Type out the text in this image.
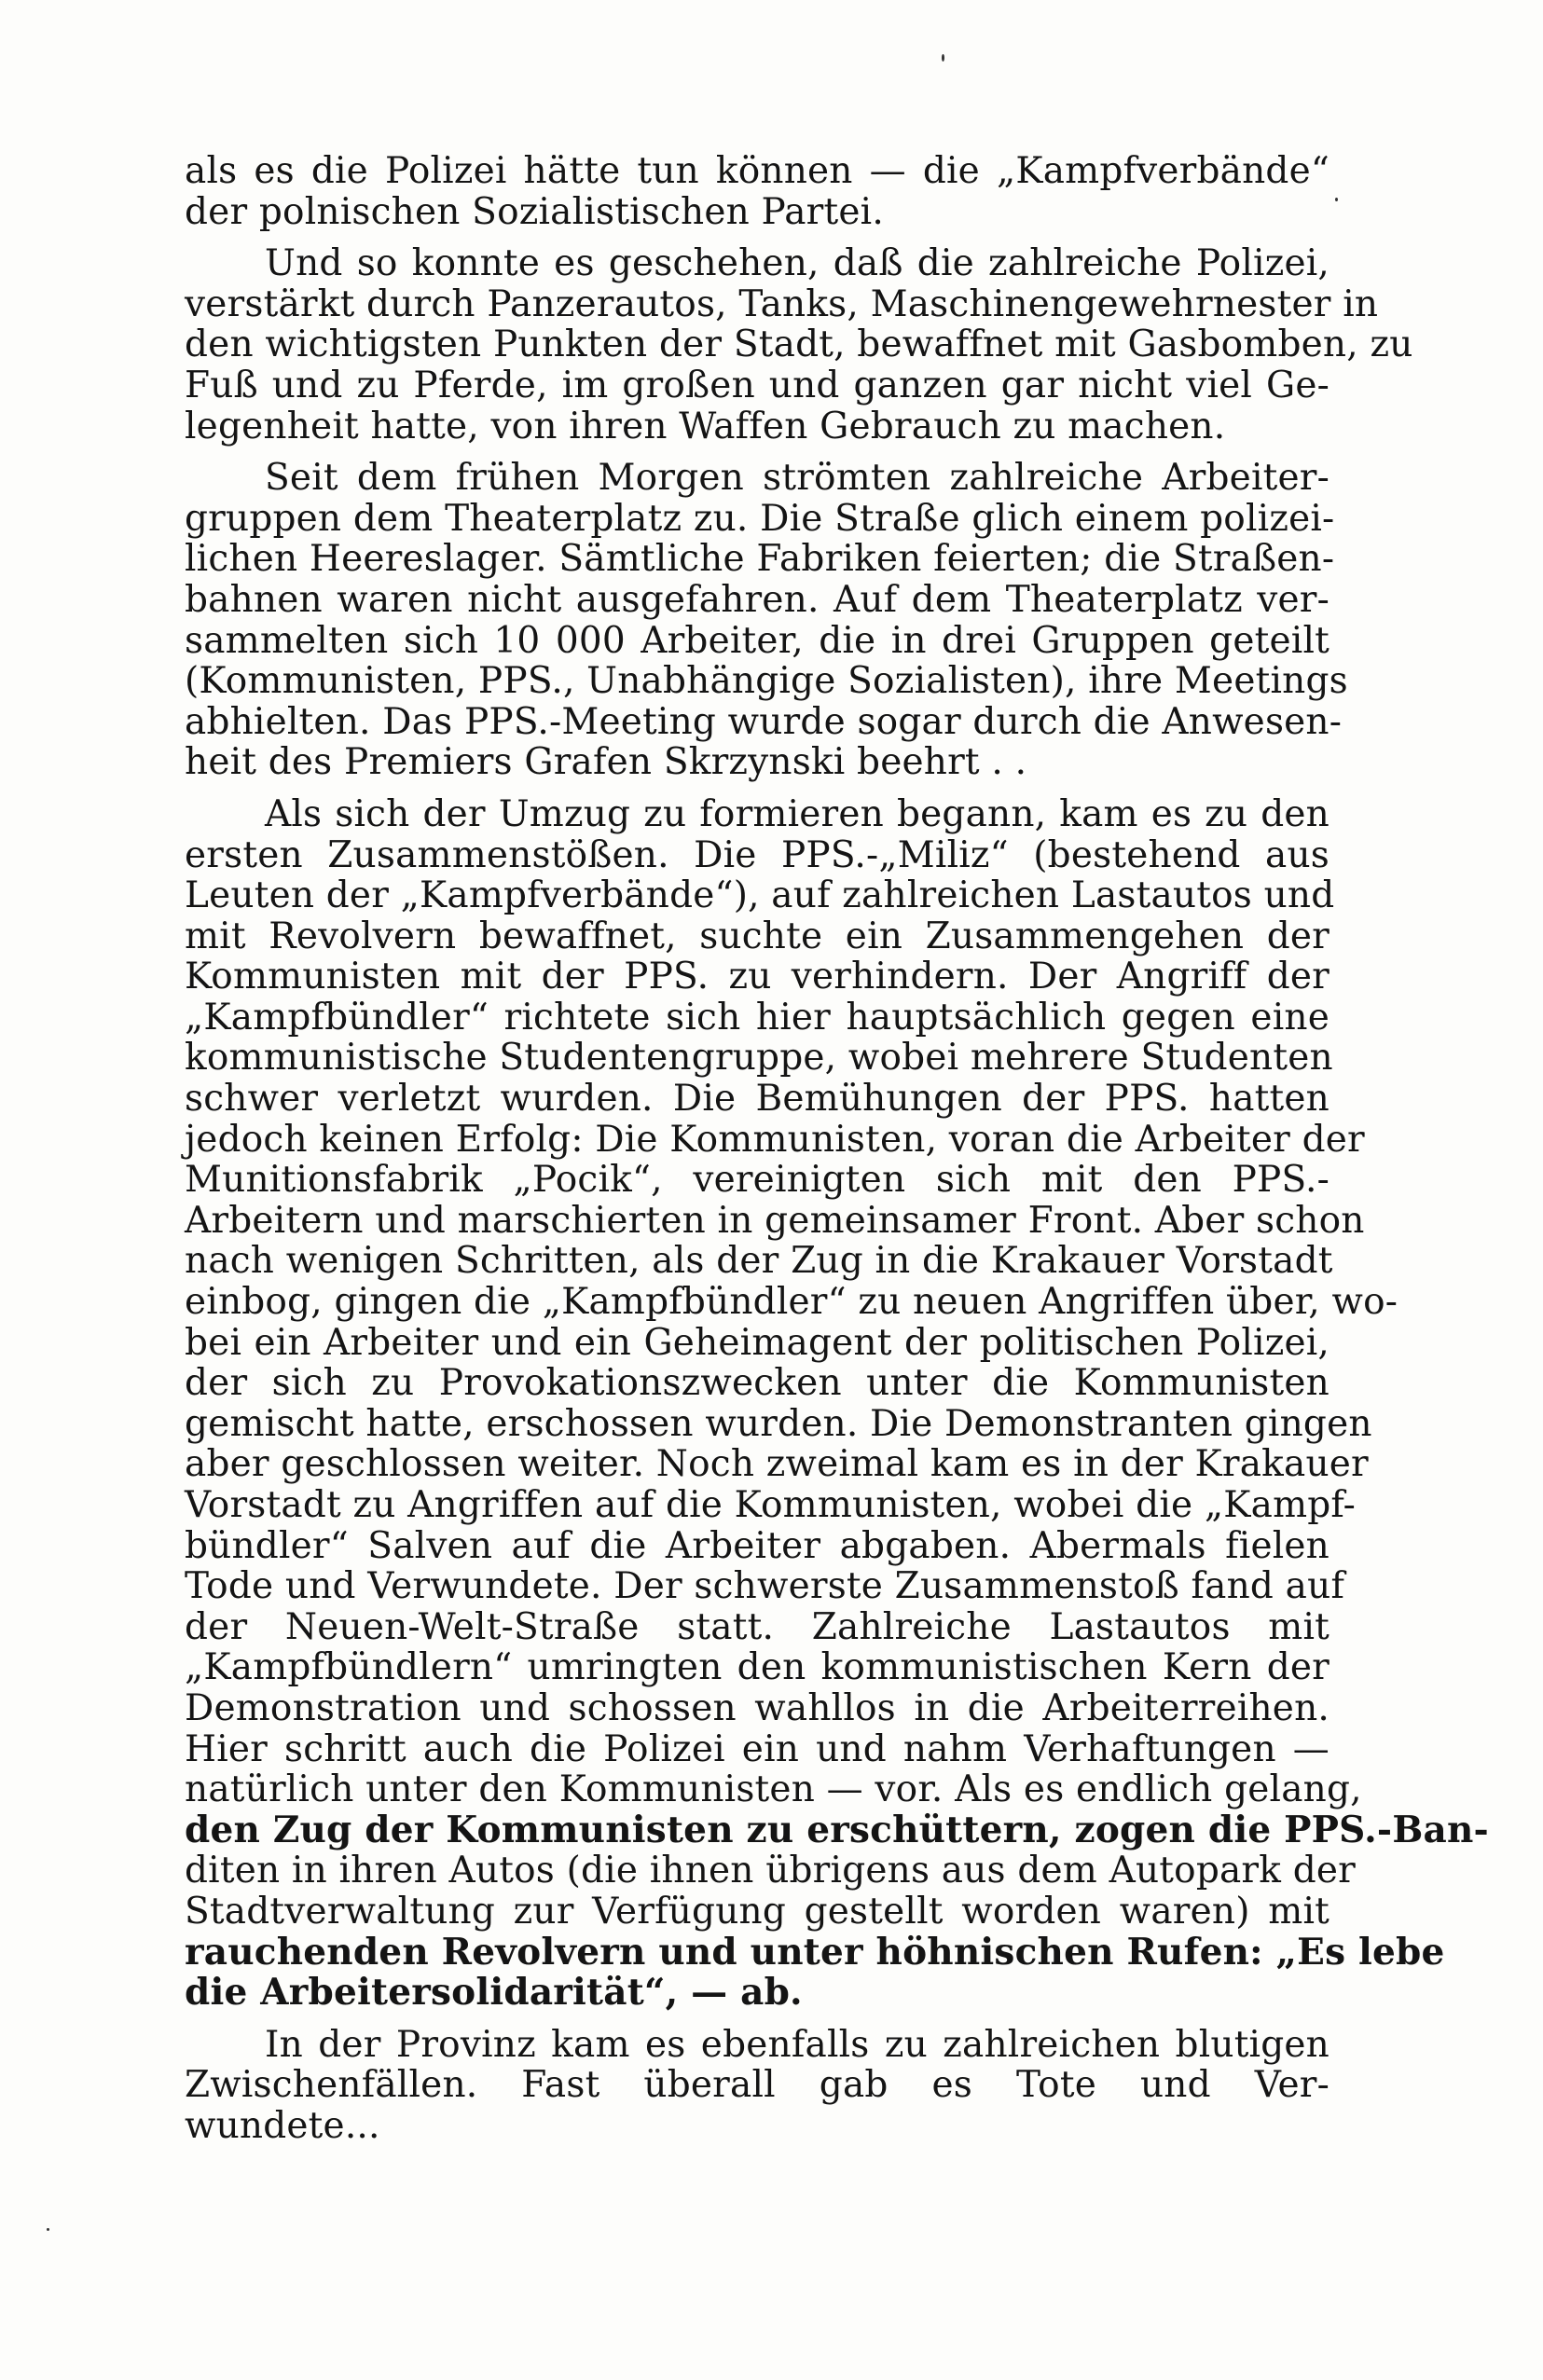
als es die Polizei hätte tun können — die „Kampfverbände“
der polnischen Sozialistischen Partei.
Und so konnte es geschehen, daß die zahlreiche Polizei,
verstärkt durch Panzerautos, Tanks, Maschinengewehrnester in
den wichtigsten Punkten der Stadt, bewaffnet mit Gasbomben, zu
Fuß und zu Pferde, im großen und ganzen gar nicht viel Ge-
legenheit hatte, von ihren Waffen Gebrauch zu machen.
Seit dem frühen Morgen strömten zahlreiche Arbeiter-
gruppen dem Theaterplatz zu. Die Straße glich einem polizei-
lichen Heereslager. Sämtliche Fabriken feierten; die Straßen-
bahnen waren nicht ausgefahren. Auf dem Theaterplatz ver-
sammelten sich 10 000 Arbeiter, die in drei Gruppen geteilt
(Kommunisten, PPS., Unabhängige Sozialisten), ihre Meetings
abhielten. Das PPS.-Meeting wurde sogar durch die Anwesen-
heit des Premiers Grafen Skrzynski beehrt . .
Als sich der Umzug zu formieren begann, kam es zu den
ersten Zusammenstößen. Die PPS.-„Miliz“ (bestehend aus
Leuten der „Kampfverbände“), auf zahlreichen Lastautos und
mit Revolvern bewaffnet, suchte ein Zusammengehen der
Kommunisten mit der PPS. zu verhindern. Der Angriff der
„Kampfbündler“ richtete sich hier hauptsächlich gegen eine
kommunistische Studentengruppe, wobei mehrere Studenten
schwer verletzt wurden. Die Bemühungen der PPS. hatten
jedoch keinen Erfolg: Die Kommunisten, voran die Arbeiter der
Munitionsfabrik „Pocik“, vereinigten sich mit den PPS.-
Arbeitern und marschierten in gemeinsamer Front. Aber schon
nach wenigen Schritten, als der Zug in die Krakauer Vorstadt
einbog, gingen die „Kampfbündler“ zu neuen Angriffen über, wo-
bei ein Arbeiter und ein Geheimagent der politischen Polizei,
der sich zu Provokationszwecken unter die Kommunisten
gemischt hatte, erschossen wurden. Die Demonstranten gingen
aber geschlossen weiter. Noch zweimal kam es in der Krakauer
Vorstadt zu Angriffen auf die Kommunisten, wobei die „Kampf-
bündler“ Salven auf die Arbeiter abgaben. Abermals fielen
Tode und Verwundete. Der schwerste Zusammenstoß fand auf
der Neuen-Welt-Straße statt. Zahlreiche Lastautos mit
„Kampfbündlern“ umringten den kommunistischen Kern der
Demonstration und schossen wahllos in die Arbeiterreihen.
Hier schritt auch die Polizei ein und nahm Verhaftungen —
natürlich unter den Kommunisten — vor. Als es endlich gelang,
den Zug der Kommunisten zu erschüttern, zogen die PPS.-Ban-
diten in ihren Autos (die ihnen übrigens aus dem Autopark der
Stadtverwaltung zur Verfügung gestellt worden waren) mit
rauchenden Revolvern und unter höhnischen Rufen: „Es lebe
die Arbeitersolidarität“, — ab.
In der Provinz kam es ebenfalls zu zahlreichen blutigen
Zwischenfällen. Fast überall gab es Tote und Ver-
wundete...
